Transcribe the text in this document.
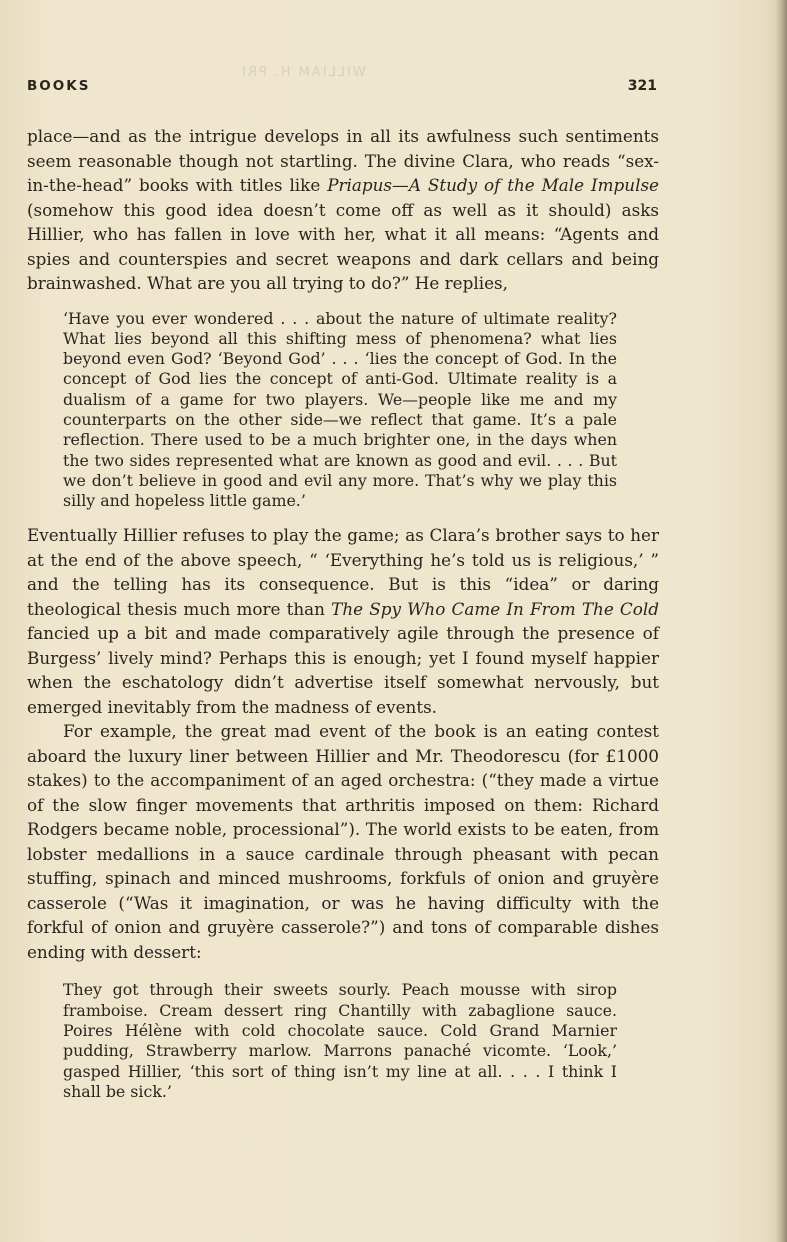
WILLIAM H. PRI
BOOKS	321

place—and as the intrigue develops in all its awfulness such sentiments seem reasonable though not startling. The divine Clara, who reads “sex-in-the-head” books with titles like Priapus—A Study of the Male Impulse (somehow this good idea doesn’t come off as well as it should) asks Hillier, who has fallen in love with her, what it all means: “Agents and spies and counterspies and secret weapons and dark cellars and being brainwashed. What are you all trying to do?” He replies,

‘Have you ever wondered . . . about the nature of ultimate reality? What lies beyond all this shifting mess of phenomena? what lies beyond even God? ‘Beyond God’ . . . ‘lies the concept of God. In the concept of God lies the concept of anti-God. Ultimate reality is a dualism of a game for two players. We—people like me and my counterparts on the other side—we reflect that game. It’s a pale reflection. There used to be a much brighter one, in the days when the two sides represented what are known as good and evil. . . . But we don’t believe in good and evil any more. That’s why we play this silly and hopeless little game.’

Eventually Hillier refuses to play the game; as Clara’s brother says to her at the end of the above speech, “ ‘Everything he’s told us is religious,’ ” and the telling has its consequence. But is this “idea” or daring theological thesis much more than The Spy Who Came In From The Cold fancied up a bit and made comparatively agile through the presence of Burgess’ lively mind? Perhaps this is enough; yet I found myself happier when the eschatology didn’t advertise itself somewhat nervously, but emerged inevitably from the madness of events.

For example, the great mad event of the book is an eating contest aboard the luxury liner between Hillier and Mr. Theodorescu (for £1000 stakes) to the accompaniment of an aged orchestra: (“they made a virtue of the slow finger movements that arthritis imposed on them: Richard Rodgers became noble, processional”). The world exists to be eaten, from lobster medallions in a sauce cardinale through pheasant with pecan stuffing, spinach and minced mushrooms, forkfuls of onion and gruyère casserole (“Was it imagination, or was he having difficulty with the forkful of onion and gruyère casserole?”) and tons of comparable dishes ending with dessert:

They got through their sweets sourly. Peach mousse with sirop framboise. Cream dessert ring Chantilly with zabaglione sauce. Poires Hélène with cold chocolate sauce. Cold Grand Marnier pudding, Strawberry marlow. Marrons panaché vicomte. ‘Look,’ gasped Hillier, ‘this sort of thing isn’t my line at all. . . . I think I shall be sick.’
